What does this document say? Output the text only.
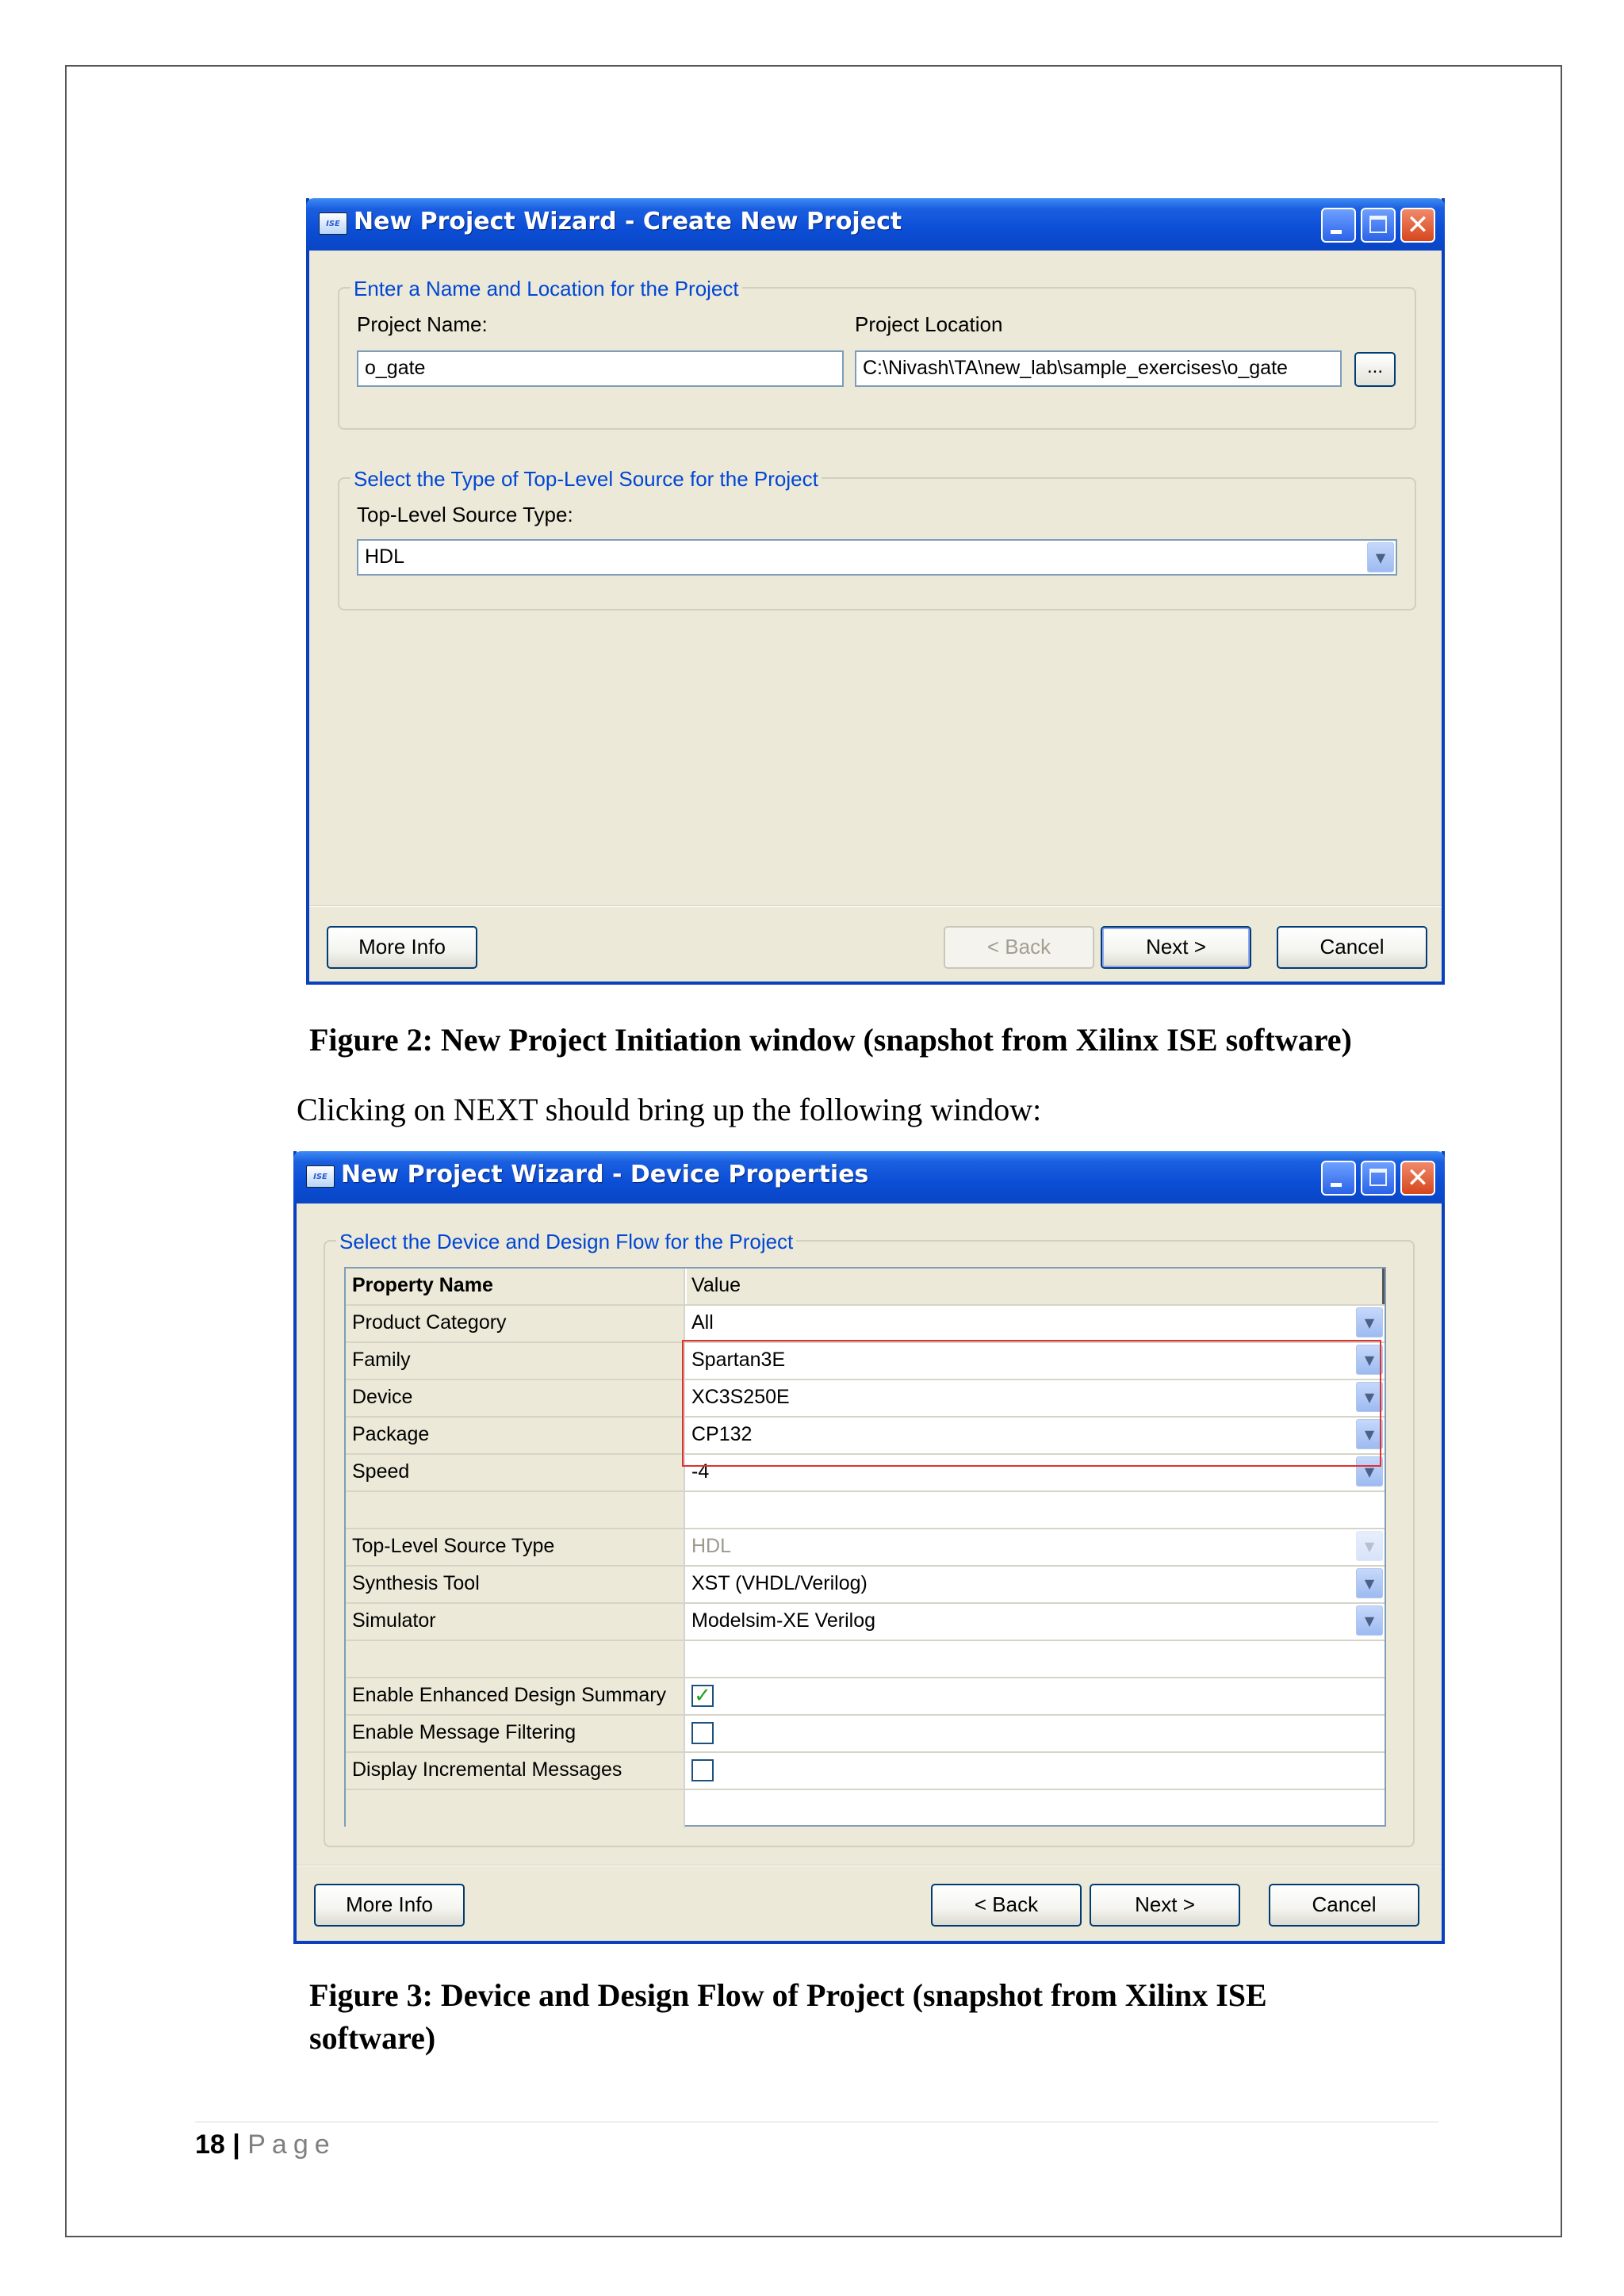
ISE New Project Wizard - Create New Project	✕
Enter a Name and Location for the Project
Project Name:
o_gate
Project Location
C:\Nivash\TA\new_lab\sample_exercises\o_gate	...
Select the Type of Top-Level Source for the Project
Top-Level Source Type:
HDL	▼
More Info	< Back	Next >	Cancel
Figure 2: New Project Initiation window (snapshot from Xilinx ISE software)
Clicking on NEXT should bring up the following window:
ISE New Project Wizard - Device Properties	✕
Select the Device and Design Flow for the Project
Property Name	Value
Product Category	All	▼
Family	Spartan3E	▼
Device	XC3S250E	▼
Package	CP132	▼
Speed	-4	▼
Top-Level Source Type	HDL	▼
Synthesis Tool	XST (VHDL/Verilog)	▼
Simulator	Modelsim-XE Verilog	▼
Enable Enhanced Design Summary	✓
Enable Message Filtering
Display Incremental Messages
More Info	< Back	Next >	Cancel
Figure 3: Device and Design Flow of Project (snapshot from Xilinx ISE
software)
18 | Page
